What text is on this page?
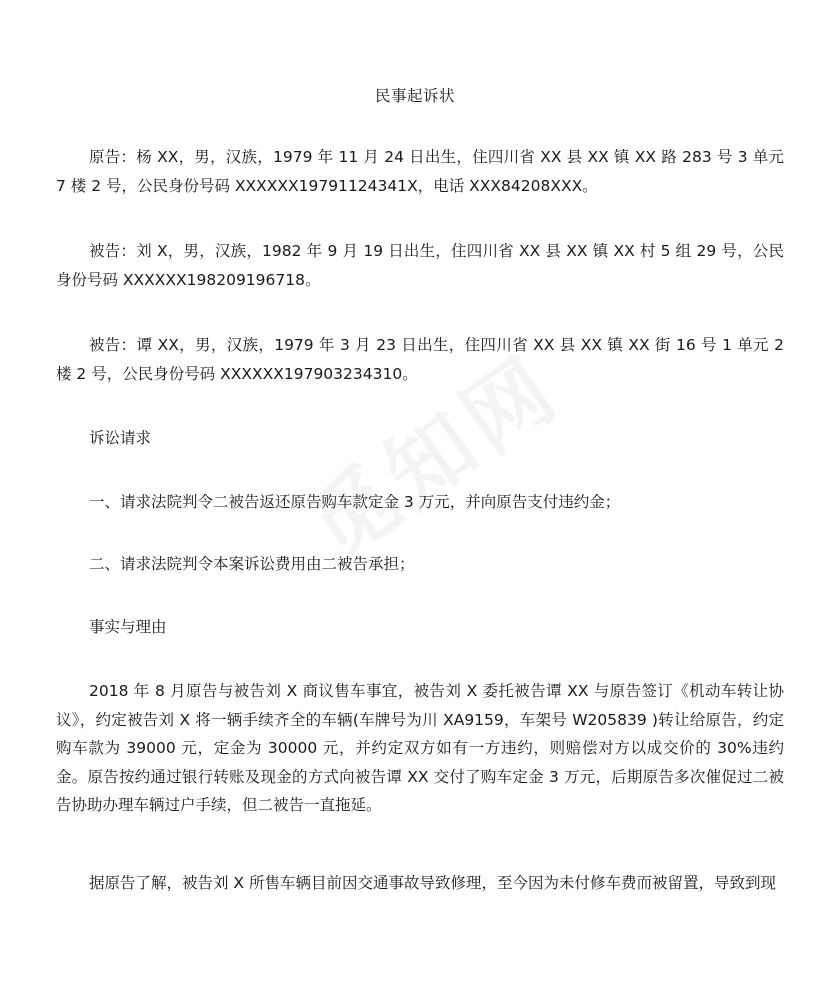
民事起诉状

原告：杨 XX，男，汉族，1979 年 11 月 24 日出生，住四川省 XX 县 XX 镇 XX 路 283 号 3 单元 7 楼 2 号，公民身份号码 XXXXXX19791124341X，电话 XXX84208XXX。

被告：刘 X，男，汉族，1982 年 9 月 19 日出生，住四川省 XX 县 XX 镇 XX 村 5 组 29 号，公民身份号码 XXXXXX198209196718。

被告：谭 XX，男，汉族，1979 年 3 月 23 日出生，住四川省 XX 县 XX 镇 XX 街 16 号 1 单元 2 楼 2 号，公民身份号码 XXXXXX197903234310。

诉讼请求

一、请求法院判令二被告返还原告购车款定金 3 万元，并向原告支付违约金；

二、请求法院判令本案诉讼费用由二被告承担；

事实与理由

2018 年 8 月原告与被告刘 X 商议售车事宜，被告刘 X 委托被告谭 XX 与原告签订《机动车转让协议》，约定被告刘 X 将一辆手续齐全的车辆(车牌号为川 XA9159，车架号 W205839 )转让给原告，约定购车款为 39000 元，定金为 30000 元，并约定双方如有一方违约，则赔偿对方以成交价的 30%违约金。原告按约通过银行转账及现金的方式向被告谭 XX 交付了购车定金 3 万元，后期原告多次催促过二被告协助办理车辆过户手续，但二被告一直拖延。

据原告了解，被告刘 X 所售车辆目前因交通事故导致修理，至今因为未付修车费而被留置，导致到现
